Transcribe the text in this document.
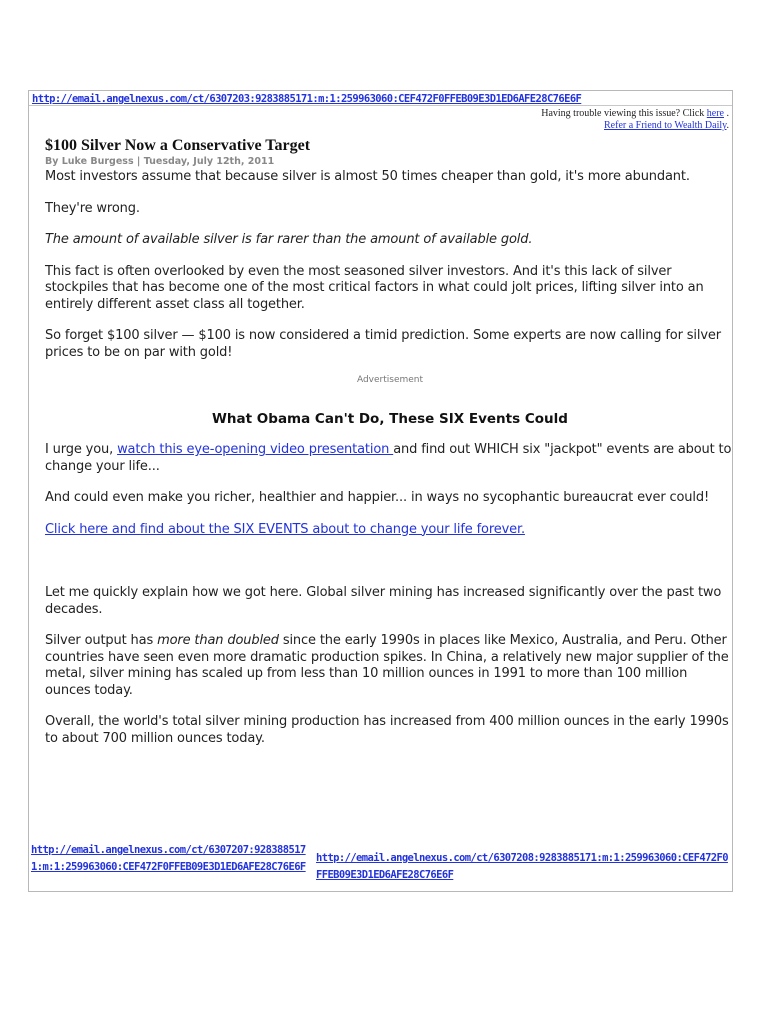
http://email.angelnexus.com/ct/6307203:9283885171:m:1:259963060:CEF472F0FFEB09E3D1ED6AFE28C76E6F
Having trouble viewing this issue? Click here .
Refer a Friend to Wealth Daily.
$100 Silver Now a Conservative Target
By Luke Burgess | Tuesday, July 12th, 2011

Most investors assume that because silver is almost 50 times cheaper than gold, it's more abundant.

They're wrong.

The amount of available silver is far rarer than the amount of available gold.

This fact is often overlooked by even the most seasoned silver investors. And it's this lack of silver stockpiles that has become one of the most critical factors in what could jolt prices, lifting silver into an entirely different asset class all together.

So forget $100 silver — $100 is now considered a timid prediction. Some experts are now calling for silver prices to be on par with gold!

Advertisement
What Obama Can't Do, These SIX Events Could

I urge you, watch this eye-opening video presentation and find out WHICH six "jackpot" events are about to change your life...

And could even make you richer, healthier and happier... in ways no sycophantic bureaucrat ever could!

Click here and find about the SIX EVENTS about to change your life forever.

Let me quickly explain how we got here. Global silver mining has increased significantly over the past two decades.

Silver output has more than doubled since the early 1990s in places like Mexico, Australia, and Peru. Other countries have seen even more dramatic production spikes. In China, a relatively new major supplier of the metal, silver mining has scaled up from less than 10 million ounces in 1991 to more than 100 million ounces today.

Overall, the world's total silver mining production has increased from 400 million ounces in the early 1990s to about 700 million ounces today.

http://email.angelnexus.com/ct/6307207:9283885171:m:1:259963060:CEF472F0FFEB09E3D1ED6AFE28C76E6F
http://email.angelnexus.com/ct/6307208:9283885171:m:1:259963060:CEF472F0FFEB09E3D1ED6AFE28C76E6F
